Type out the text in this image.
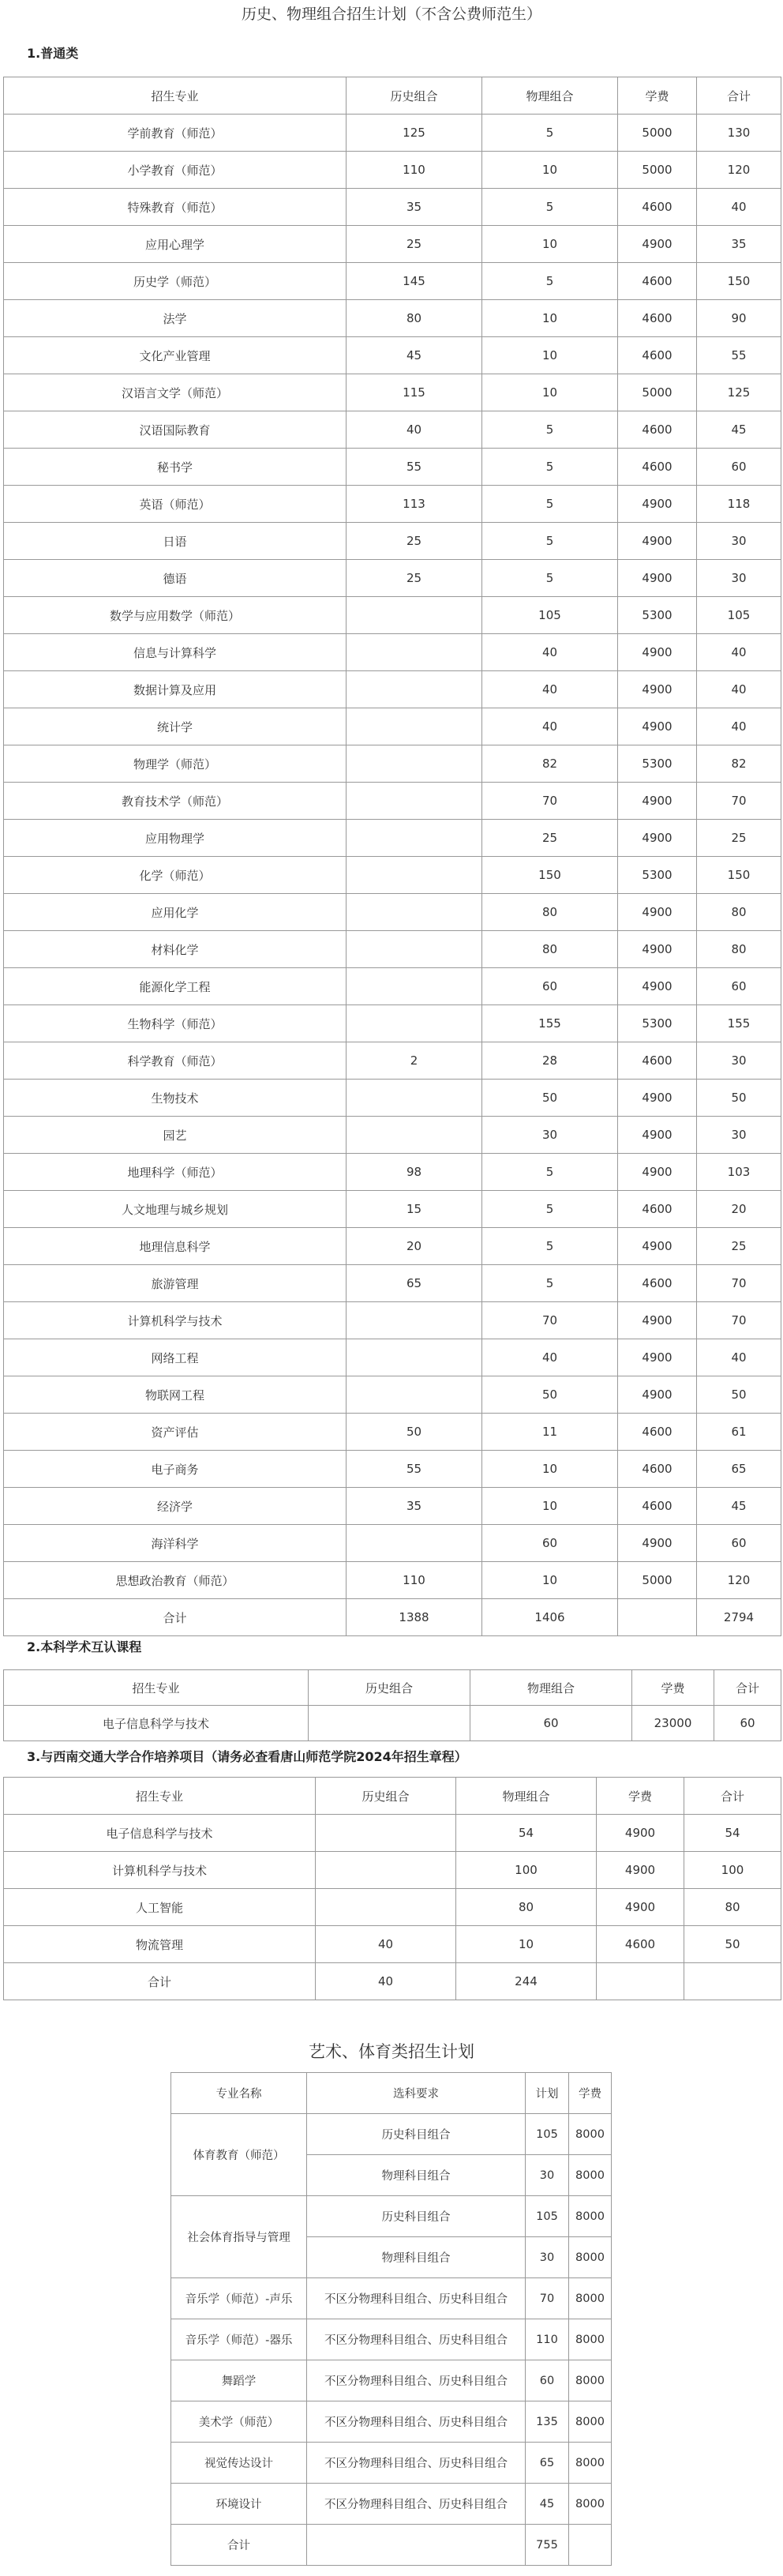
历史、物理组合招生计划（不含公费师范生）
1.普通类
招生专业	历史组合	物理组合	学费	合计
学前教育（师范）	125	5	5000	130
小学教育（师范）	110	10	5000	120
特殊教育（师范）	35	5	4600	40
应用心理学	25	10	4900	35
历史学（师范）	145	5	4600	150
法学	80	10	4600	90
文化产业管理	45	10	4600	55
汉语言文学（师范）	115	10	5000	125
汉语国际教育	40	5	4600	45
秘书学	55	5	4600	60
英语（师范）	113	5	4900	118
日语	25	5	4900	30
德语	25	5	4900	30
数学与应用数学（师范）		105	5300	105
信息与计算科学		40	4900	40
数据计算及应用		40	4900	40
统计学		40	4900	40
物理学（师范）		82	5300	82
教育技术学（师范）		70	4900	70
应用物理学		25	4900	25
化学（师范）		150	5300	150
应用化学		80	4900	80
材料化学		80	4900	80
能源化学工程		60	4900	60
生物科学（师范）		155	5300	155
科学教育（师范）	2	28	4600	30
生物技术		50	4900	50
园艺		30	4900	30
地理科学（师范）	98	5	4900	103
人文地理与城乡规划	15	5	4600	20
地理信息科学	20	5	4900	25
旅游管理	65	5	4600	70
计算机科学与技术		70	4900	70
网络工程		40	4900	40
物联网工程		50	4900	50
资产评估	50	11	4600	61
电子商务	55	10	4600	65
经济学	35	10	4600	45
海洋科学		60	4900	60
思想政治教育（师范）	110	10	5000	120
合计	1388	1406		2794
2.本科学术互认课程
招生专业	历史组合	物理组合	学费	合计
电子信息科学与技术		60	23000	60
3.与西南交通大学合作培养项目（请务必查看唐山师范学院2024年招生章程）
招生专业	历史组合	物理组合	学费	合计
电子信息科学与技术		54	4900	54
计算机科学与技术		100	4900	100
人工智能		80	4900	80
物流管理	40	10	4600	50
合计	40	244		
艺术、体育类招生计划
专业名称	选科要求	计划	学费
体育教育（师范）	历史科目组合	105	8000
	物理科目组合	30	8000
社会体育指导与管理	历史科目组合	105	8000
	物理科目组合	30	8000
音乐学（师范）-声乐	不区分物理科目组合、历史科目组合	70	8000
音乐学（师范）-器乐	不区分物理科目组合、历史科目组合	110	8000
舞蹈学	不区分物理科目组合、历史科目组合	60	8000
美术学（师范）	不区分物理科目组合、历史科目组合	135	8000
视觉传达设计	不区分物理科目组合、历史科目组合	65	8000
环境设计	不区分物理科目组合、历史科目组合	45	8000
合计		755	
